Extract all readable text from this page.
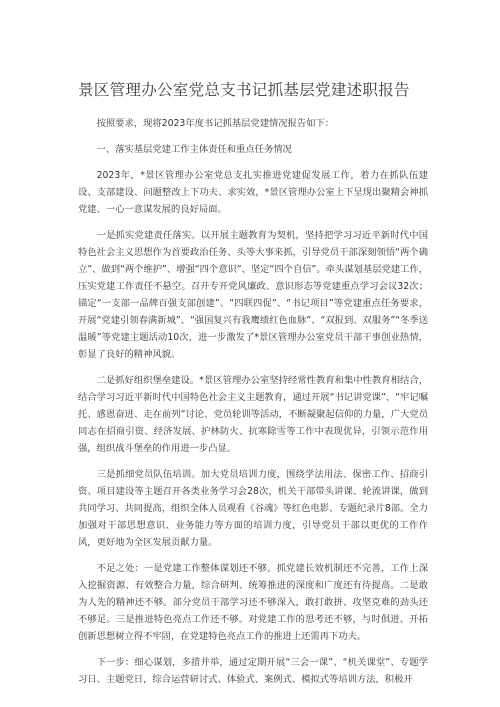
景区管理办公室党总支书记抓基层党建述职报告

按照要求，现将2023年度书记抓基层党建情况报告如下：

一、落实基层党建工作主体责任和重点任务情况

2023年，*景区管理办公室党总支扎实推进党建促发展工作，着力在抓队伍建设、支部建设、问题整改上下功夫、求实效，*景区管理办公室上下呈现出聚精会神抓党建、一心一意谋发展的良好局面。

一是抓实党建责任落实。以开展主题教育为契机，坚持把学习习近平新时代中国特色社会主义思想作为首要政治任务、头等大事来抓，引导党员干部深刻领悟“两个确立”、做到“两个维护”、增强“四个意识”、坚定“四个自信”。牵头谋划基层党建工作，压实党建工作责任不悬空。召开专开党风廉政、意识形态等党建重点学习会议32次；锚定“一支部一品牌百强支部创建”、“四联四促”、“书记项目”等党建重点任务要求，开展“党建引领春满新城”、“强国复兴有我鹰绩红色血脉”、“双报到、双服务”“冬季送温暖”等党建主题活动10次，进一步激发了*景区管理办公室党员干部干事创业热情，彰显了良好的精神风貌。

二是抓好组织堡垒建设。*景区管理办公室坚持经常性教育和集中性教育相结合，结合学习习近平新时代中国特色社会主义主题教育，通过开展“书记讲党课”、“牢记嘱托、感恩奋进、走在前列”讨论、党员轮训等活动，不断凝聚起信仰的力量，广大党员同志在招商引资、经济发展、护林防火、抗寒除雪等工作中表现优异，引领示范作用强，组织战斗堡垒的作用进一步凸显。

三是抓细党员队伍培训。加大党员培训力度，围绕学法用法、保密工作、招商引资、项目建设等主题召开各类业务学习会28次，机关干部带头讲课、轮流讲课，做到共同学习、共同提高，组织全体人员观看《谷魂》等红色电影、专题纪录片8部。全力加强对干部思想意识、业务能力等方面的培训力度，引导党员干部以更优的工作作风，更好地为全区发展贡献力量。

不足之处：一是党建工作整体谋划还不够。抓党建长效机制还不完善，工作上深入挖掘资源、有效整合力量，综合研判、统筹推进的深度和广度还有待提高。二是敢为人先的精神还不够。部分党员干部学习还不够深入，敢打敢拼、攻坚克难的劲头还不够足。三是推进特色亮点工作还不够。对党建工作的思考还不够，与时俱进、开拓创新思想树立得不牢固，在党建特色亮点工作的推进上还需再下功夫。

下一步：细心谋划，多措并举，通过定期开展“三会一课”、“机关课堂”、专题学习日、主题党日，综合运营研讨式、体验式、案例式、模拟式等培训方法，积极开
